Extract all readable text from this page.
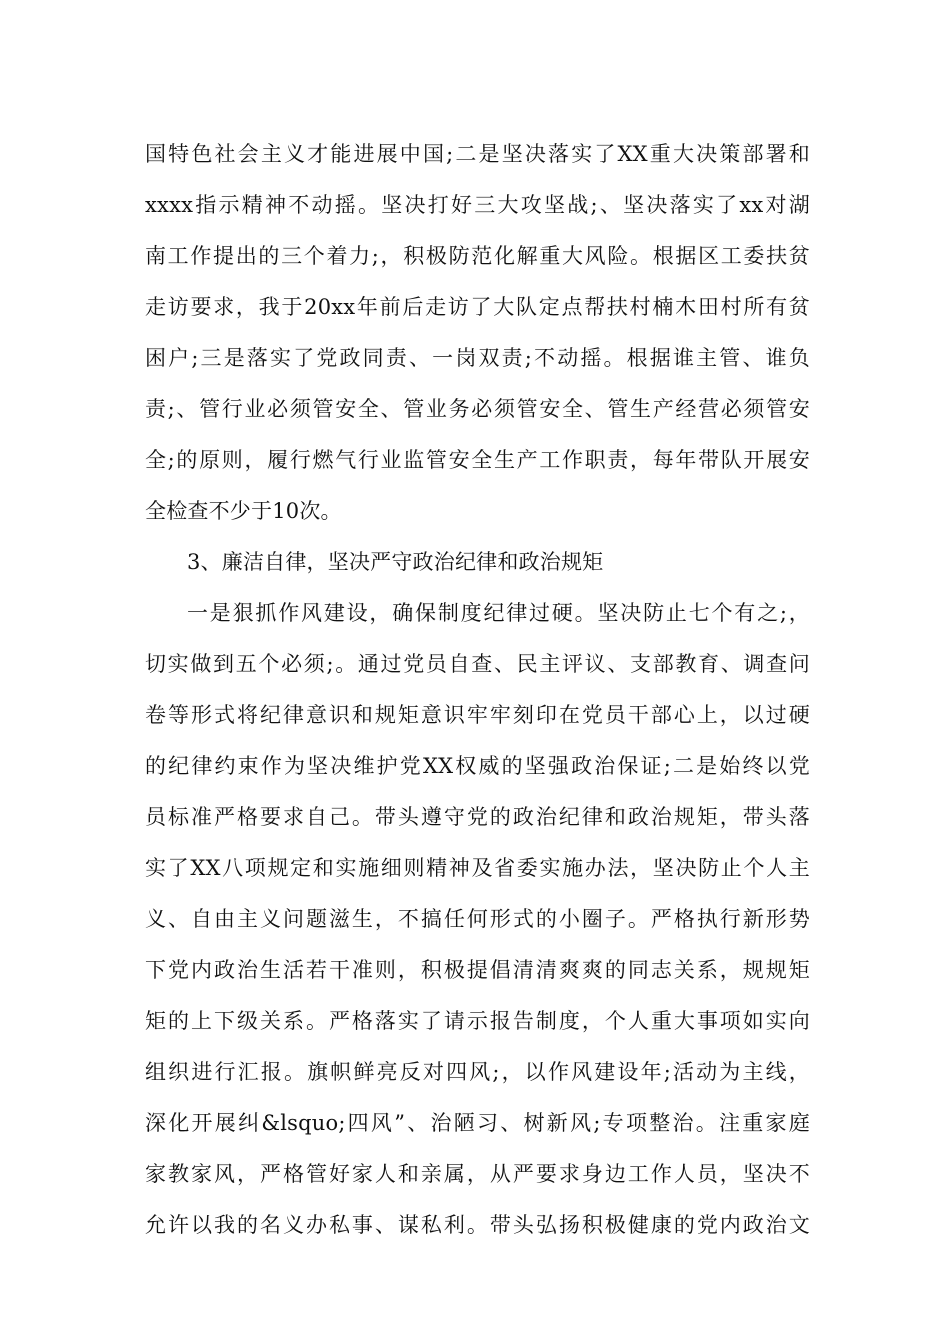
国特色社会主义才能进展中国;二是坚决落实了XX重大决策部署和
xxxx指示精神不动摇。坚决打好三大攻坚战;、坚决落实了xx对湖
南工作提出的三个着力;，积极防范化解重大风险。根据区工委扶贫
走访要求，我于20xx年前后走访了大队定点帮扶村楠木田村所有贫
困户;三是落实了党政同责、一岗双责;不动摇。根据谁主管、谁负
责;、管行业必须管安全、管业务必须管安全、管生产经营必须管安
全;的原则，履行燃气行业监管安全生产工作职责，每年带队开展安
全检查不少于10次。
3、廉洁自律，坚决严守政治纪律和政治规矩
一是狠抓作风建设，确保制度纪律过硬。坚决防止七个有之;，
切实做到五个必须;。通过党员自查、民主评议、支部教育、调查问
卷等形式将纪律意识和规矩意识牢牢刻印在党员干部心上，以过硬
的纪律约束作为坚决维护党XX权威的坚强政治保证;二是始终以党
员标准严格要求自己。带头遵守党的政治纪律和政治规矩，带头落
实了XX八项规定和实施细则精神及省委实施办法，坚决防止个人主
义、自由主义问题滋生，不搞任何形式的小圈子。严格执行新形势
下党内政治生活若干准则，积极提倡清清爽爽的同志关系，规规矩
矩的上下级关系。严格落实了请示报告制度，个人重大事项如实向
组织进行汇报。旗帜鲜亮反对四风;，以作风建设年;活动为主线，
深化开展纠&lsquo;四风”、治陋习、树新风;专项整治。注重家庭
家教家风，严格管好家人和亲属，从严要求身边工作人员，坚决不
允许以我的名义办私事、谋私利。带头弘扬积极健康的党内政治文
